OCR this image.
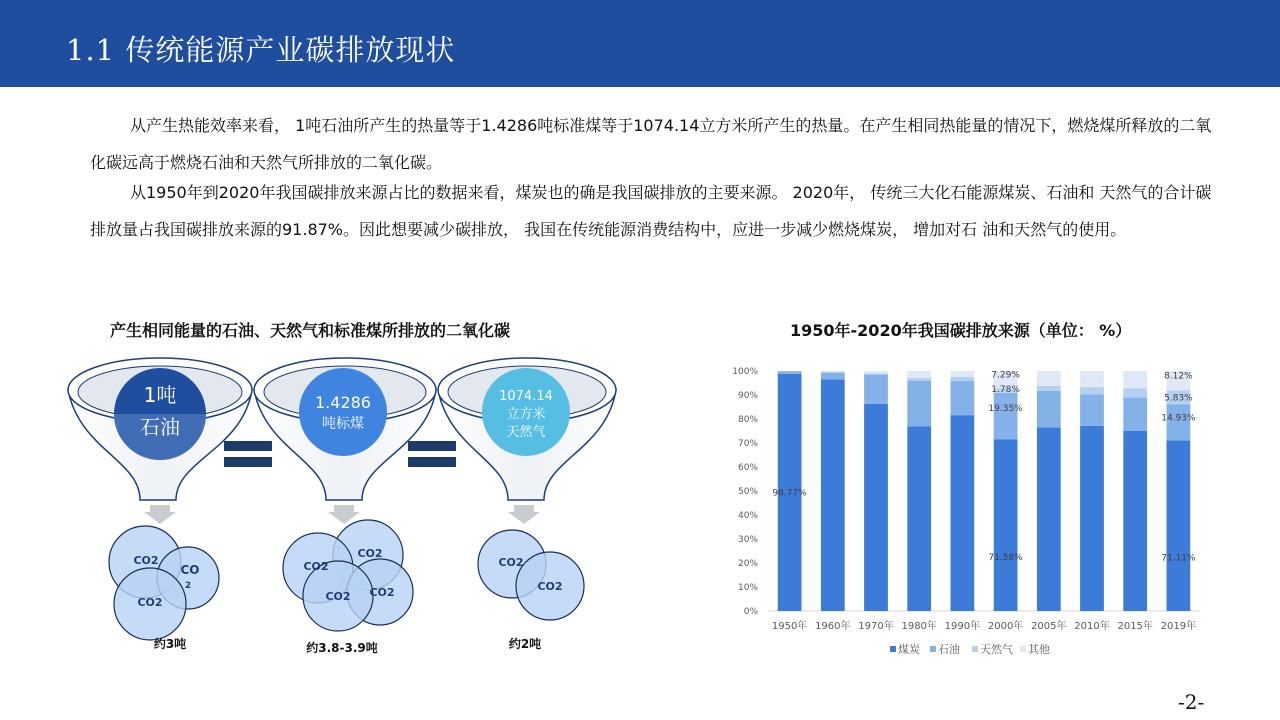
1.1 传统能源产业碳排放现状
从产生热能效率来看， 1吨石油所产生的热量等于1.4286吨标准煤等于1074.14立方米所产生的热量。在产生相同热能量的情况下，燃烧煤所释放的二氧化碳远高于燃烧石油和天然气所排放的二氧化碳。
从1950年到2020年我国碳排放来源占比的数据来看，煤炭也的确是我国碳排放的主要来源。 2020年， 传统三大化石能源煤炭、石油和 天然气的合计碳排放量占我国碳排放来源的91.87%。因此想要减少碳排放， 我国在传统能源消费结构中，应进一步减少燃烧煤炭， 增加对石 油和天然气的使用。
产生相同能量的石油、天然气和标准煤所排放的二氧化碳	1950年-2020年我国碳排放来源（单位： %）
1吨
石油
CO2
CO
2
CO2
约3吨
1.4286
吨标煤
CO2
CO2
CO2
CO2
约3.8-3.9吨
1074.14
立方米
天然气
CO2
CO2
约2吨
0%
10%
20%
30%
40%
50%
60%
70%
80%
90%
100%
1950年 1960年 1970年 1980年 1990年 2000年 2005年 2010年 2015年 2019年
98.77%
71.58%
19.35%
1.78%
7.29%
71.11%
14.93%
5.83%
8.12%
煤炭 石油 天然气 其他
-2-
